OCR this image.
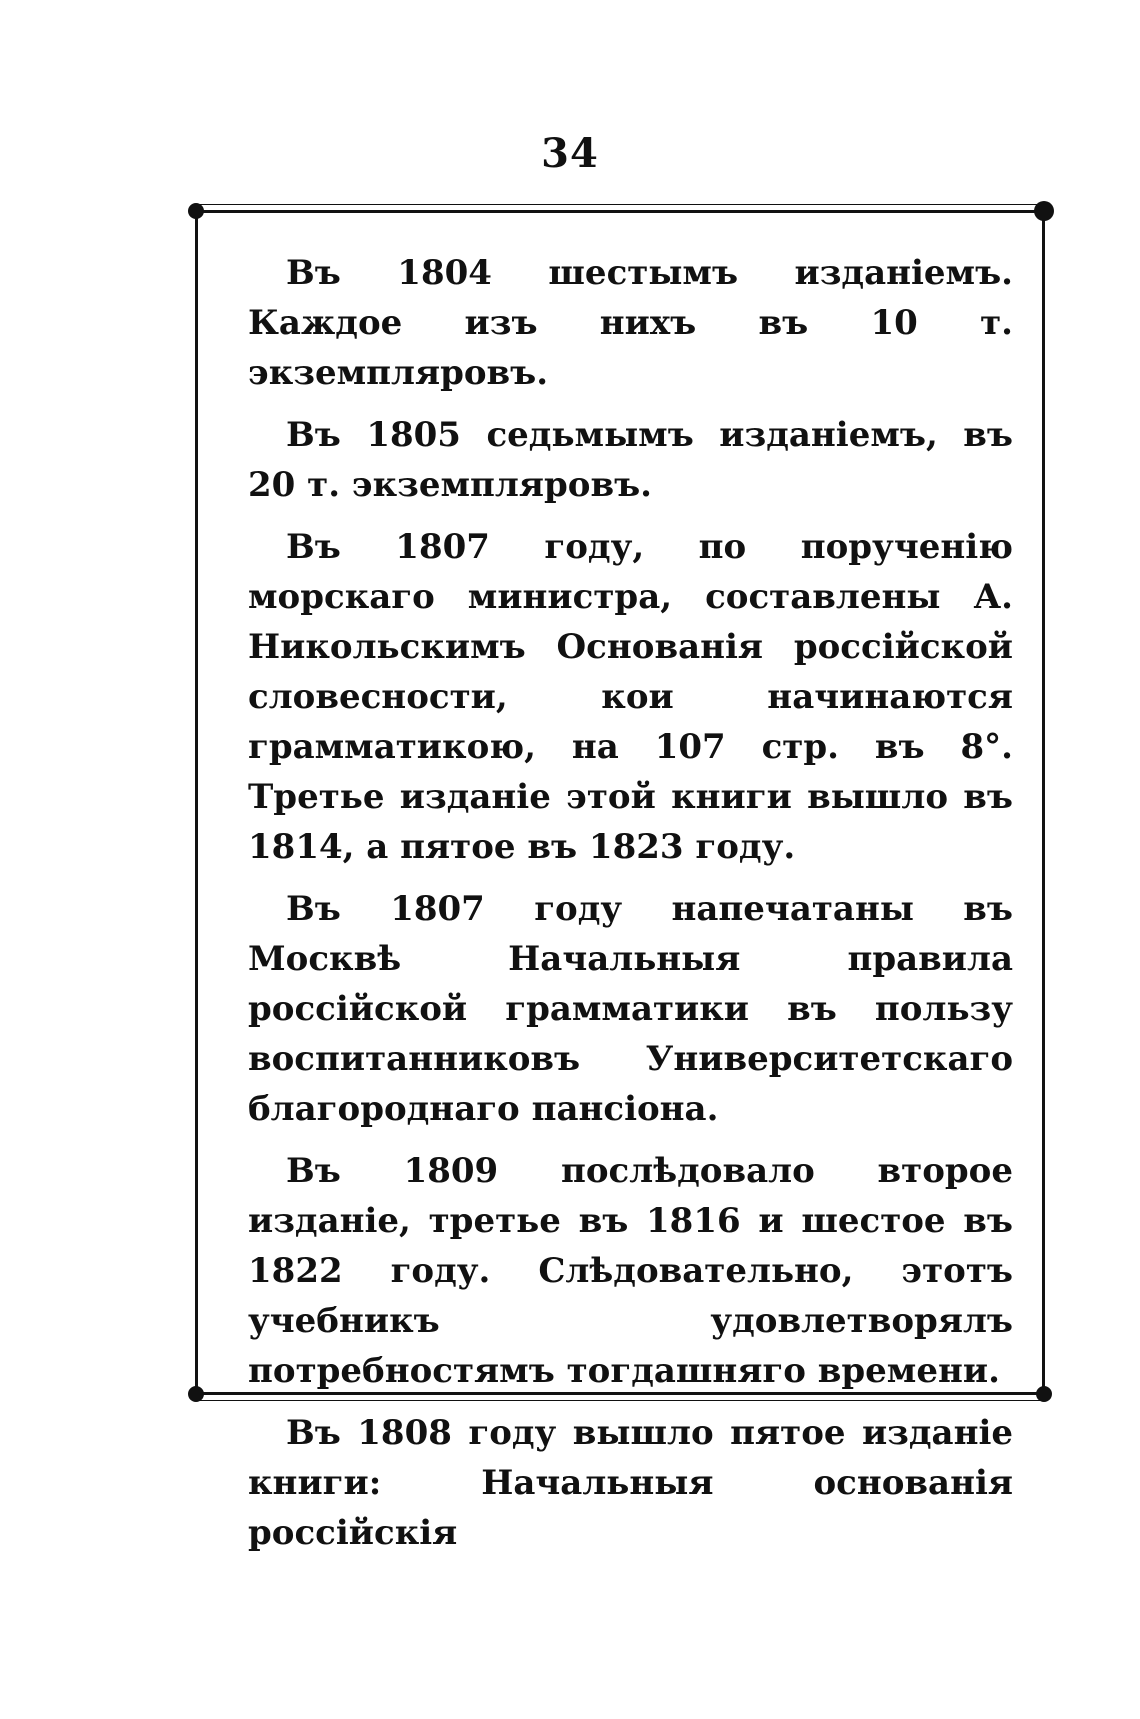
34

Въ 1804 шестымъ изданіемъ. Каждое изъ нихъ въ 10 т. экземпляровъ.

Въ 1805 седьмымъ изданіемъ, въ 20 т. экземпляровъ.

Въ 1807 году, по порученію морскаго министра, составлены А. Никольскимъ Основанія россійской словесности, кои начинаются грамматикою, на 107 стр. въ 8°. Третье изданіе этой книги вышло въ 1814, а пятое въ 1823 году.

Въ 1807 году напечатаны въ Москвѣ Начальныя правила россійской грамматики въ пользу воспитанниковъ Университетскаго благороднаго пансіона.

Въ 1809 послѣдовало второе изданіе, третье въ 1816 и шестое въ 1822 году. Слѣдовательно, этотъ учебникъ удовлетворялъ потребностямъ тогдашняго времени.

Въ 1808 году вышло пятое изданіе книги: Начальныя основанія россійскія
